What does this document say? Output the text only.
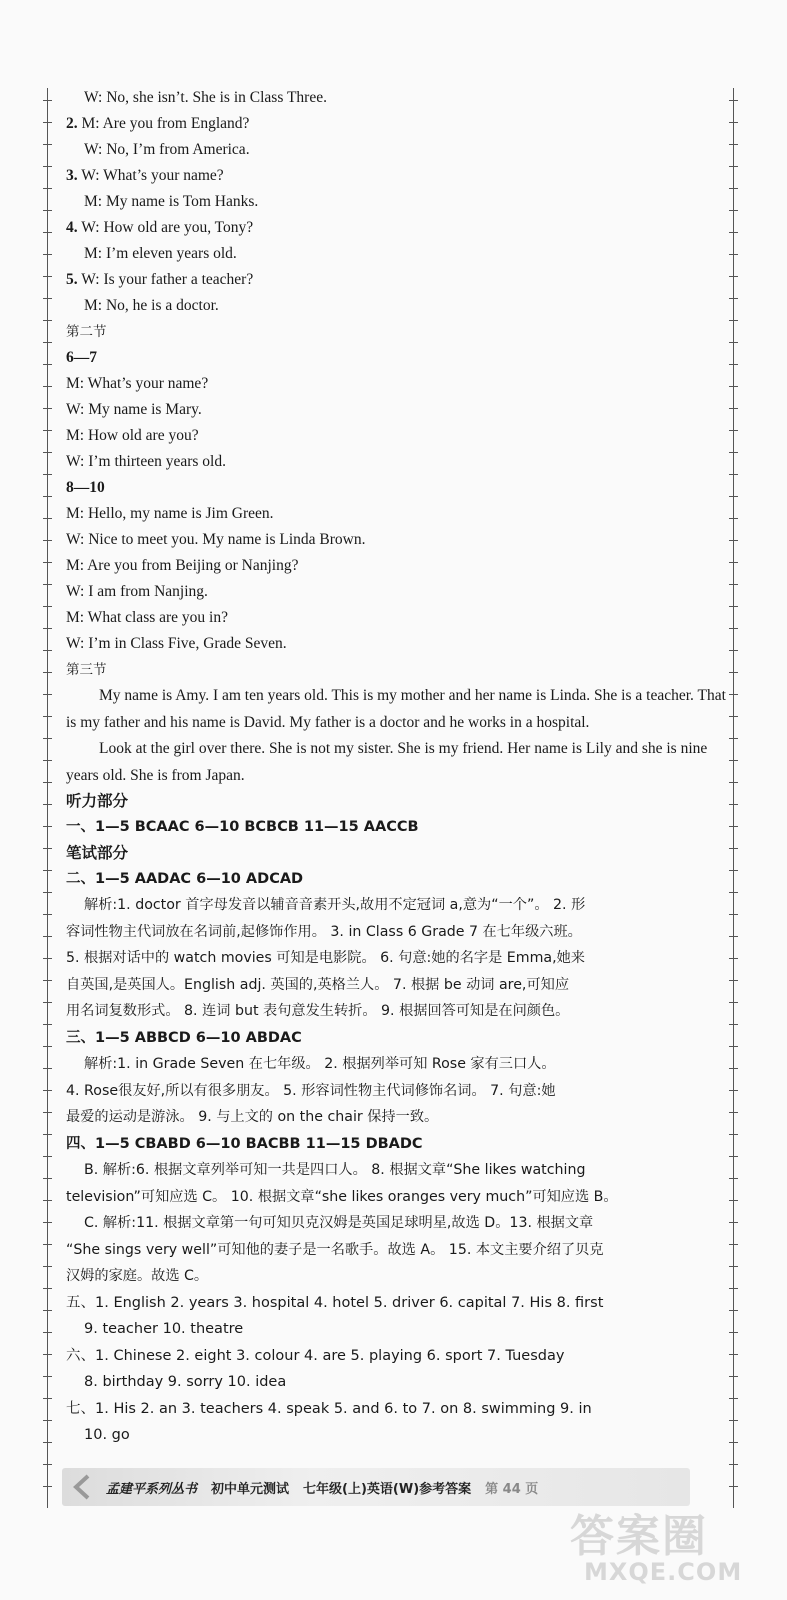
W: No, she isn’t. She is in Class Three.
2. M: Are you from England?
W: No, I’m from America.
3. W: What’s your name?
M: My name is Tom Hanks.
4. W: How old are you, Tony?
M: I’m eleven years old.
5. W: Is your father a teacher?
M: No, he is a doctor.
第二节
6—7
M: What’s your name?
W: My name is Mary.
M: How old are you?
W: I’m thirteen years old.
8—10
M: Hello, my name is Jim Green.
W: Nice to meet you. My name is Linda Brown.
M: Are you from Beijing or Nanjing?
W: I am from Nanjing.
M: What class are you in?
W: I’m in Class Five, Grade Seven.
第三节
My name is Amy. I am ten years old. This is my mother and her name is Linda. She is a teacher. That is my father and his name is David. My father is a doctor and he works in a hospital.
Look at the girl over there. She is not my sister. She is my friend. Her name is Lily and she is nine years old. She is from Japan.
听力部分
一、1—5 BCAAC 6—10 BCBCB 11—15 AACCB
笔试部分
二、1—5 AADAC 6—10 ADCAD
解析:1. doctor 首字母发音以辅音音素开头,故用不定冠词 a,意为“一个”。 2. 形
容词性物主代词放在名词前,起修饰作用。 3. in Class 6 Grade 7 在七年级六班。
5. 根据对话中的 watch movies 可知是电影院。 6. 句意:她的名字是 Emma,她来
自英国,是英国人。English adj. 英国的,英格兰人。 7. 根据 be 动词 are,可知应
用名词复数形式。 8. 连词 but 表句意发生转折。 9. 根据回答可知是在问颜色。
三、1—5 ABBCD 6—10 ABDAC
解析:1. in Grade Seven 在七年级。 2. 根据列举可知 Rose 家有三口人。
4. Rose很友好,所以有很多朋友。 5. 形容词性物主代词修饰名词。 7. 句意:她
最爱的运动是游泳。 9. 与上文的 on the chair 保持一致。
四、1—5 CBABD 6—10 BACBB 11—15 DBADC
B. 解析:6. 根据文章列举可知一共是四口人。 8. 根据文章“She likes watching
television”可知应选 C。 10. 根据文章“she likes oranges very much”可知应选 B。
C. 解析:11. 根据文章第一句可知贝克汉姆是英国足球明星,故选 D。13. 根据文章
“She sings very well”可知他的妻子是一名歌手。故选 A。 15. 本文主要介绍了贝克
汉姆的家庭。故选 C。
五、1. English 2. years 3. hospital 4. hotel 5. driver 6. capital 7. His 8. first
9. teacher 10. theatre
六、1. Chinese 2. eight 3. colour 4. are 5. playing 6. sport 7. Tuesday
8. birthday 9. sorry 10. idea
七、1. His 2. an 3. teachers 4. speak 5. and 6. to 7. on 8. swimming 9. in
10. go
孟建平系列丛书 初中单元测试 七年级(上)英语(W)参考答案 第 44 页
答案圈
MXQE.COM
